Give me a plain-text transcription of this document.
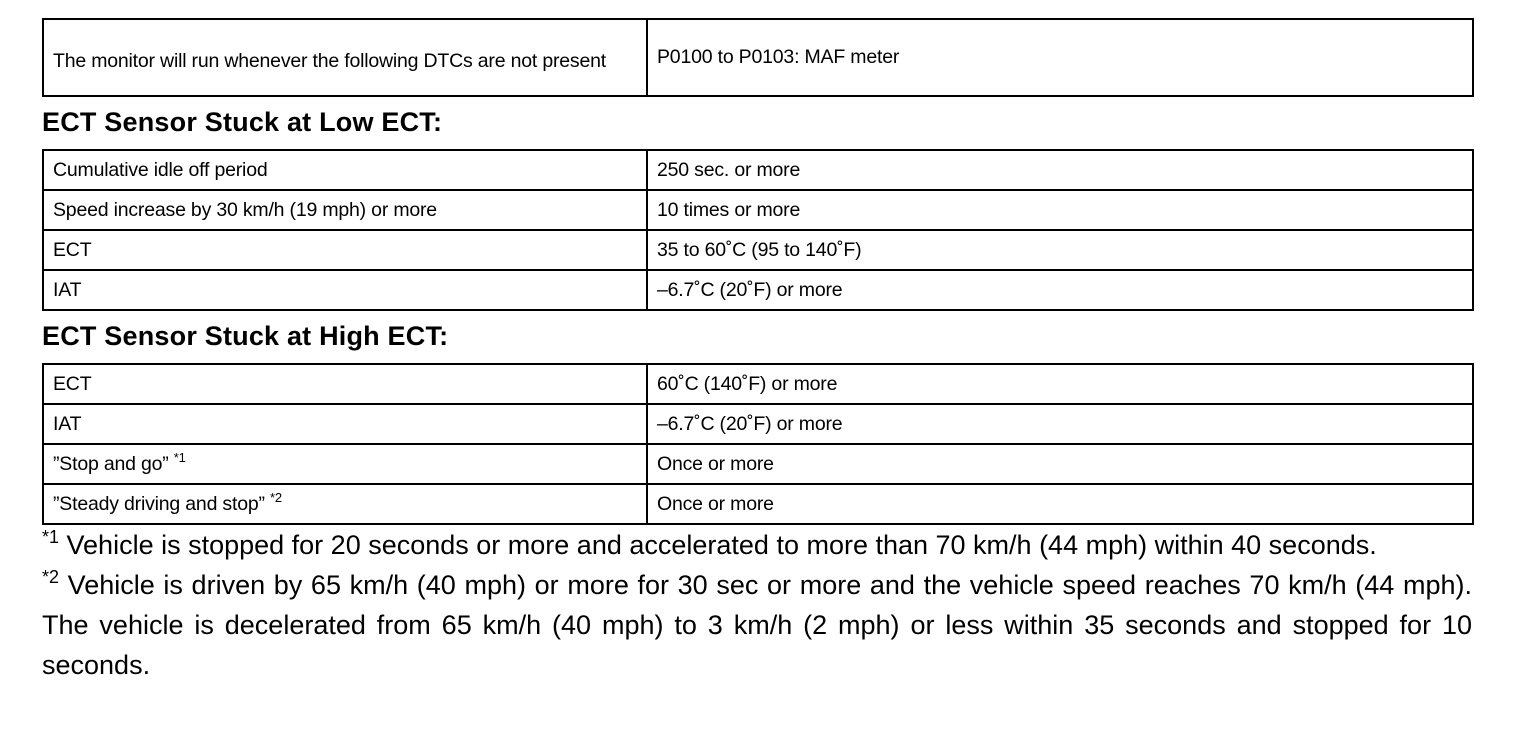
The monitor will run whenever the following DTCs are not present	P0100 to P0103: MAF meter
ECT Sensor Stuck at Low ECT:
Cumulative idle off period	250 sec. or more
Speed increase by 30 km/h (19 mph) or more	10 times or more
ECT	35 to 60˚C (95 to 140˚F)
IAT	–6.7˚C (20˚F) or more
ECT Sensor Stuck at High ECT:
ECT	60˚C (140˚F) or more
IAT	–6.7˚C (20˚F) or more
”Stop and go” $^{*1}$	Once or more
”Steady driving and stop” $^{*2}$	Once or more

$^{*1}$ Vehicle is stopped for 20 seconds or more and accelerated to more than 70 km/h (44 mph) within 40 seconds.

$^{*2}$ Vehicle is driven by 65 km/h (40 mph) or more for 30 sec or more and the vehicle speed reaches 70 km/h (44 mph). The vehicle is decelerated from 65 km/h (40 mph) to 3 km/h (2 mph) or less within 35 seconds and stopped for 10 seconds.
